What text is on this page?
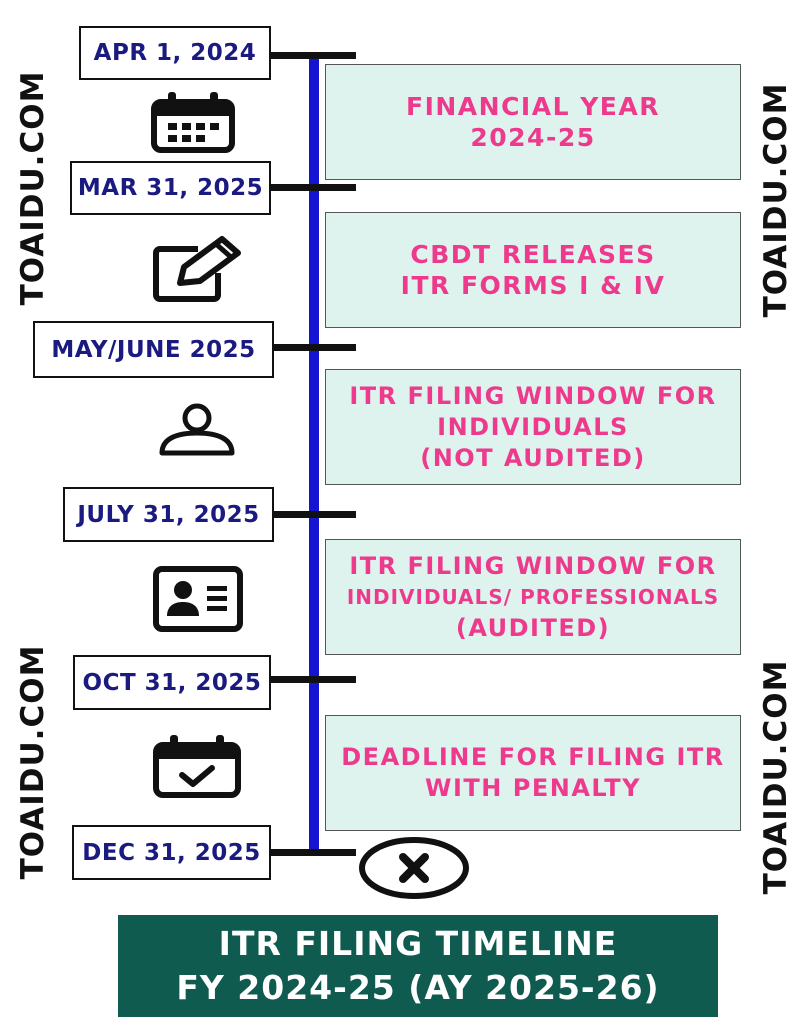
TOAIDU.COM
TOAIDU.COM
TOAIDU.COM
TOAIDU.COM
APR 1, 2024
MAR 31, 2025
MAY/JUNE 2025
JULY 31, 2025
OCT 31, 2025
DEC 31, 2025
FINANCIAL YEAR
2024-25
CBDT RELEASES
ITR FORMS I & IV
ITR FILING WINDOW FOR
INDIVIDUALS
(NOT AUDITED)
ITR FILING WINDOW FOR
INDIVIDUALS/ PROFESSIONALS
(AUDITED)
DEADLINE FOR FILING ITR
WITH PENALTY
ITR FILING TIMELINE
FY 2024-25 (AY 2025-26)
